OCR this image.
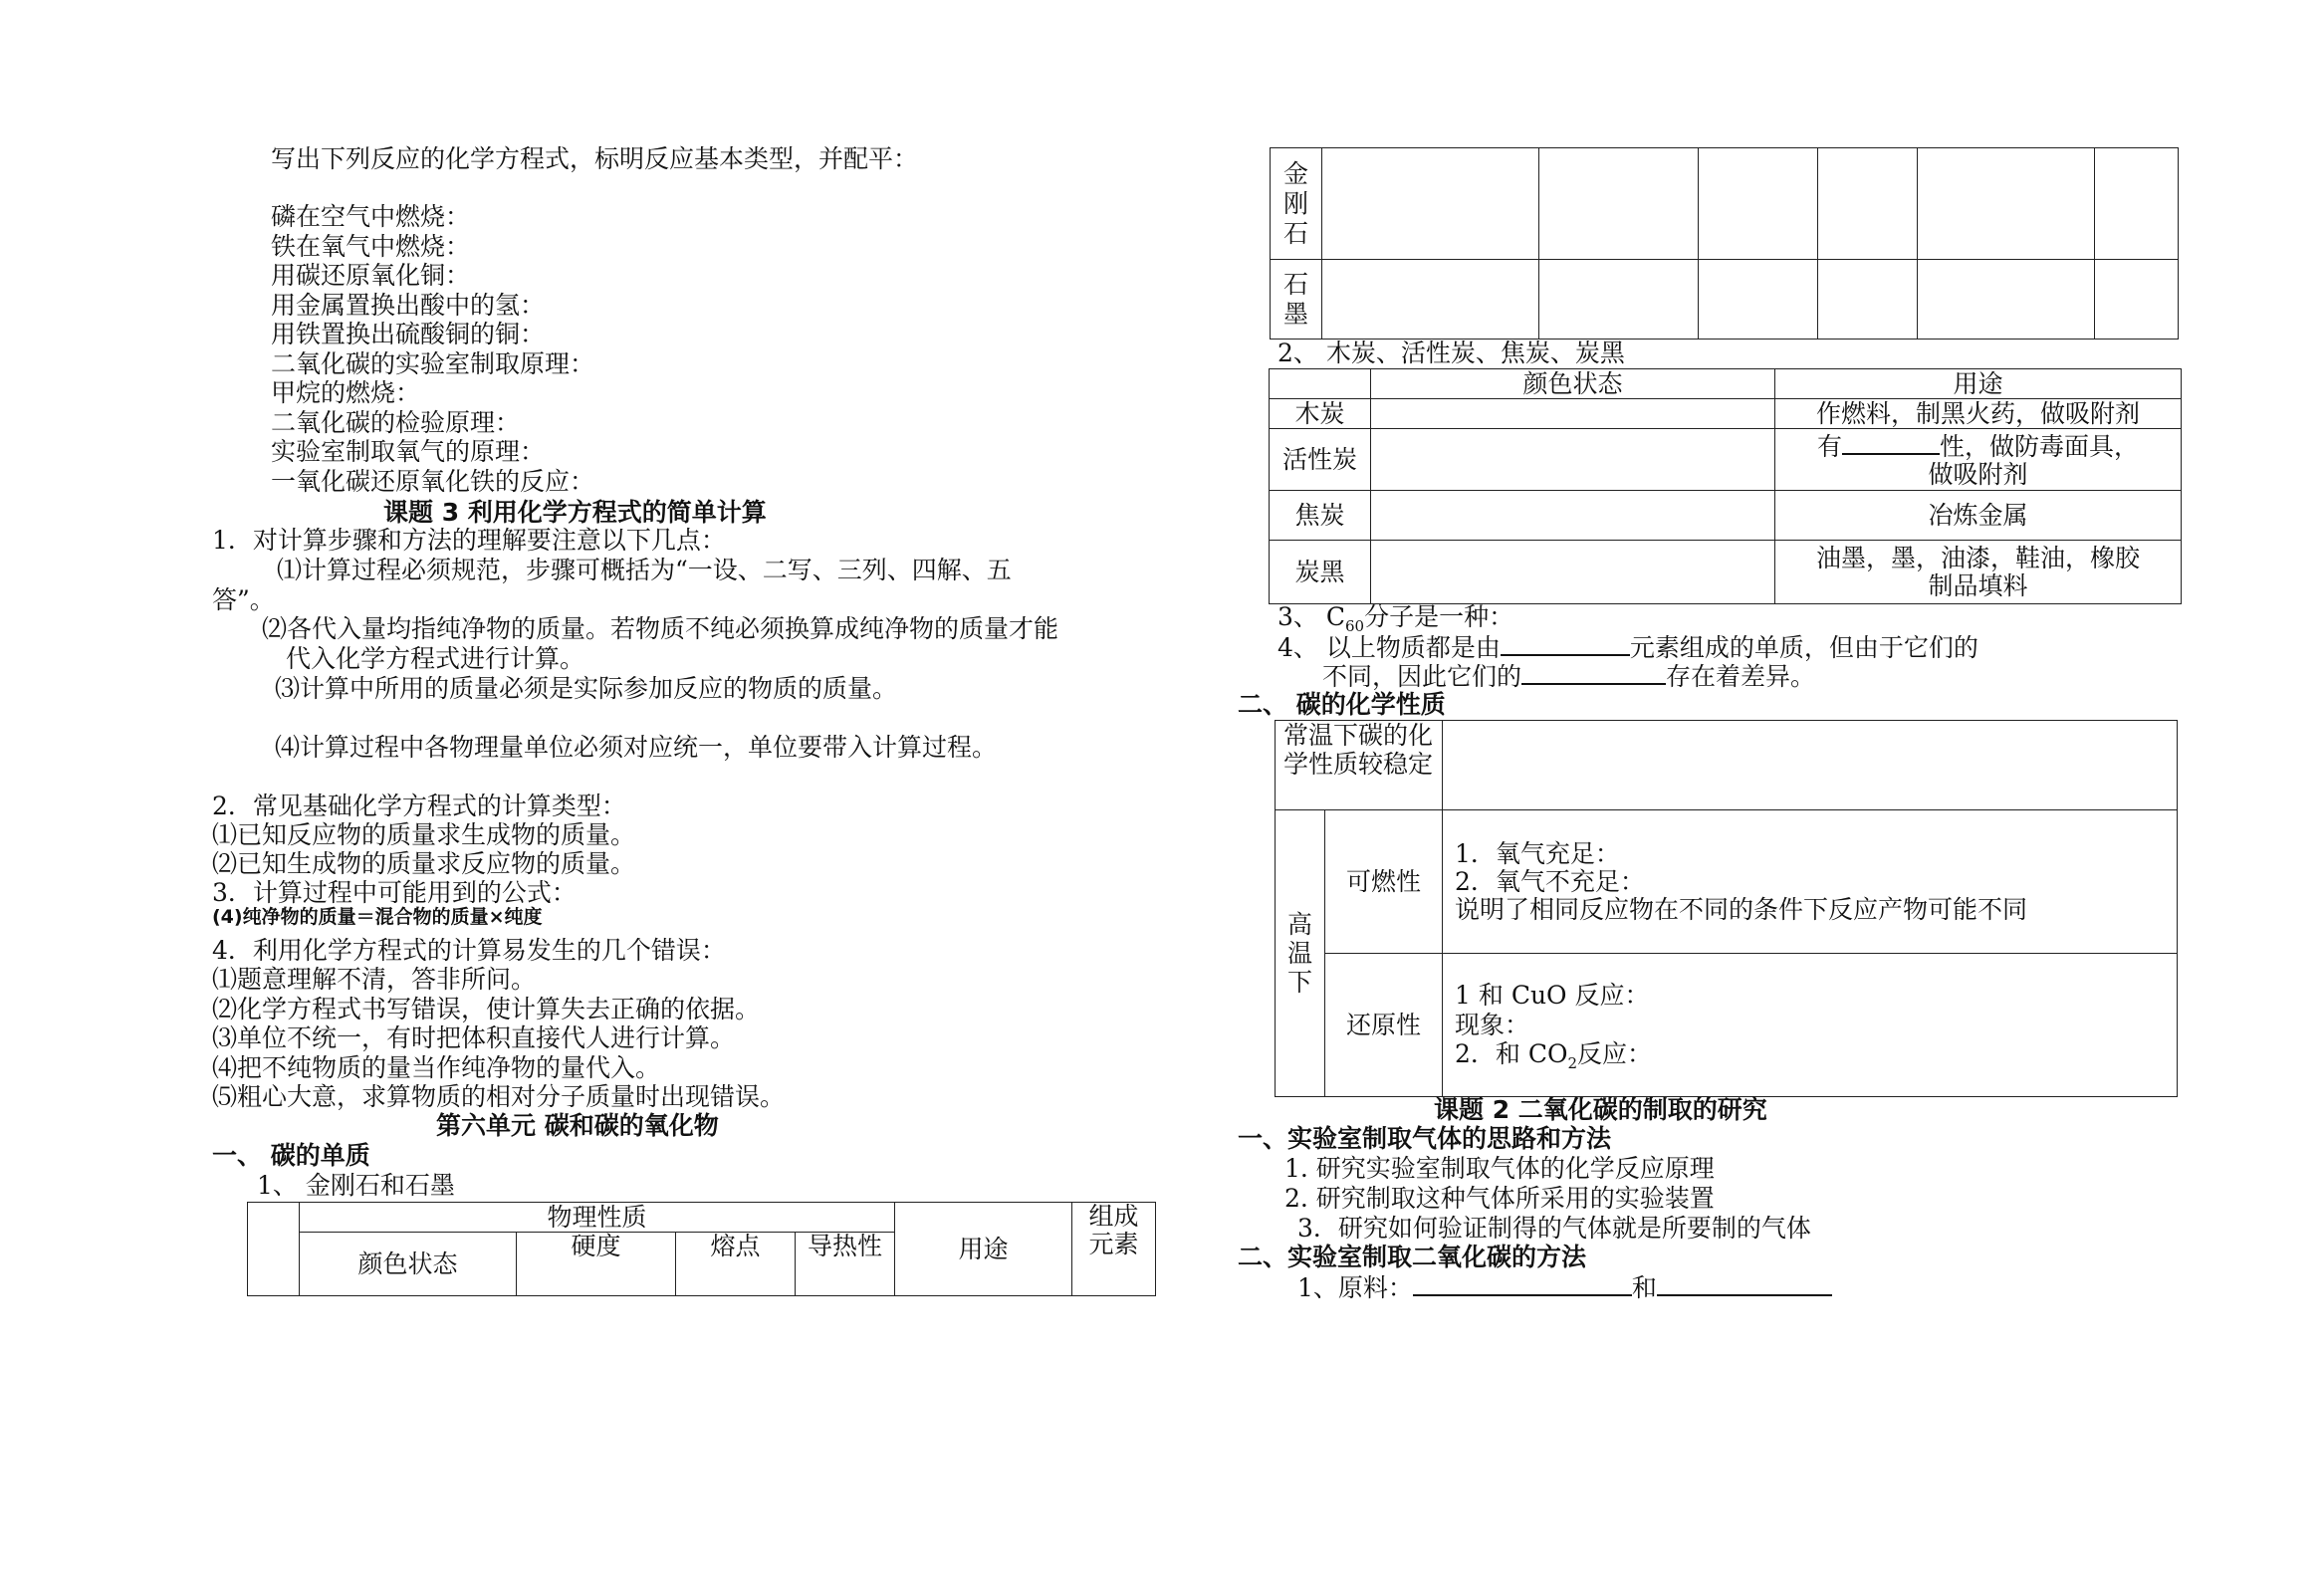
写出下列反应的化学方程式，标明反应基本类型，并配平：
磷在空气中燃烧：
铁在氧气中燃烧：
用碳还原氧化铜：
用金属置换出酸中的氢：
用铁置换出硫酸铜的铜：
二氧化碳的实验室制取原理：
甲烷的燃烧：
二氧化碳的检验原理：
实验室制取氧气的原理：
一氧化碳还原氧化铁的反应：
课题 3 利用化学方程式的简单计算
1．对计算步骤和方法的理解要注意以下几点：
⑴计算过程必须规范，步骤可概括为“一设、二写、三列、四解、五
答”。
⑵各代入量均指纯净物的质量。若物质不纯必须换算成纯净物的质量才能
代入化学方程式进行计算。
⑶计算中所用的质量必须是实际参加反应的物质的质量。
⑷计算过程中各物理量单位必须对应统一，单位要带入计算过程。
2．常见基础化学方程式的计算类型：
⑴已知反应物的质量求生成物的质量。
⑵已知生成物的质量求反应物的质量。
3．计算过程中可能用到的公式：
(4)纯净物的质量＝混合物的质量×纯度
4．利用化学方程式的计算易发生的几个错误：
⑴题意理解不清，答非所问。
⑵化学方程式书写错误，使计算失去正确的依据。
⑶单位不统一，有时把体积直接代人进行计算。
⑷把不纯物质的量当作纯净物的量代入。
⑸粗心大意，求算物质的相对分子质量时出现错误。
第六单元 碳和碳的氧化物
一、 碳的单质
1、 金刚石和石墨
	物理性质				用途	组成元素
	颜色状态	硬度	熔点	导热性		
金刚石						
石墨						
2、 木炭、活性炭、焦炭、炭黑
	颜色状态	用途
木炭		作燃料，制黑火药，做吸附剂
活性炭		有 性，做防毒面具，
做吸附剂
焦炭		冶炼金属
炭黑		油墨，墨，油漆，鞋油，橡胶
制品填料
3、 $C_{60}$分子是一种：
4、 以上物质都是由	元素组成的单质，但由于它们的
不同，因此它们的	存在着差异。
二、 碳的化学性质
常温下碳的化学性质较稳定		
高温下	可燃性	1．氧气充足：
2．氧气不充足：
说明了相同反应物在不同的条件下反应产物可能不同

	还原性	1 和 CuO 反应：
现象：
2．和 $CO_2$反应：
课题 2 二氧化碳的制取的研究
一、实验室制取气体的思路和方法
1. 研究实验室制取气体的化学反应原理
2. 研究制取这种气体所采用的实验装置
3．研究如何验证制得的气体就是所要制的气体
二、实验室制取二氧化碳的方法
1、原料：	和
